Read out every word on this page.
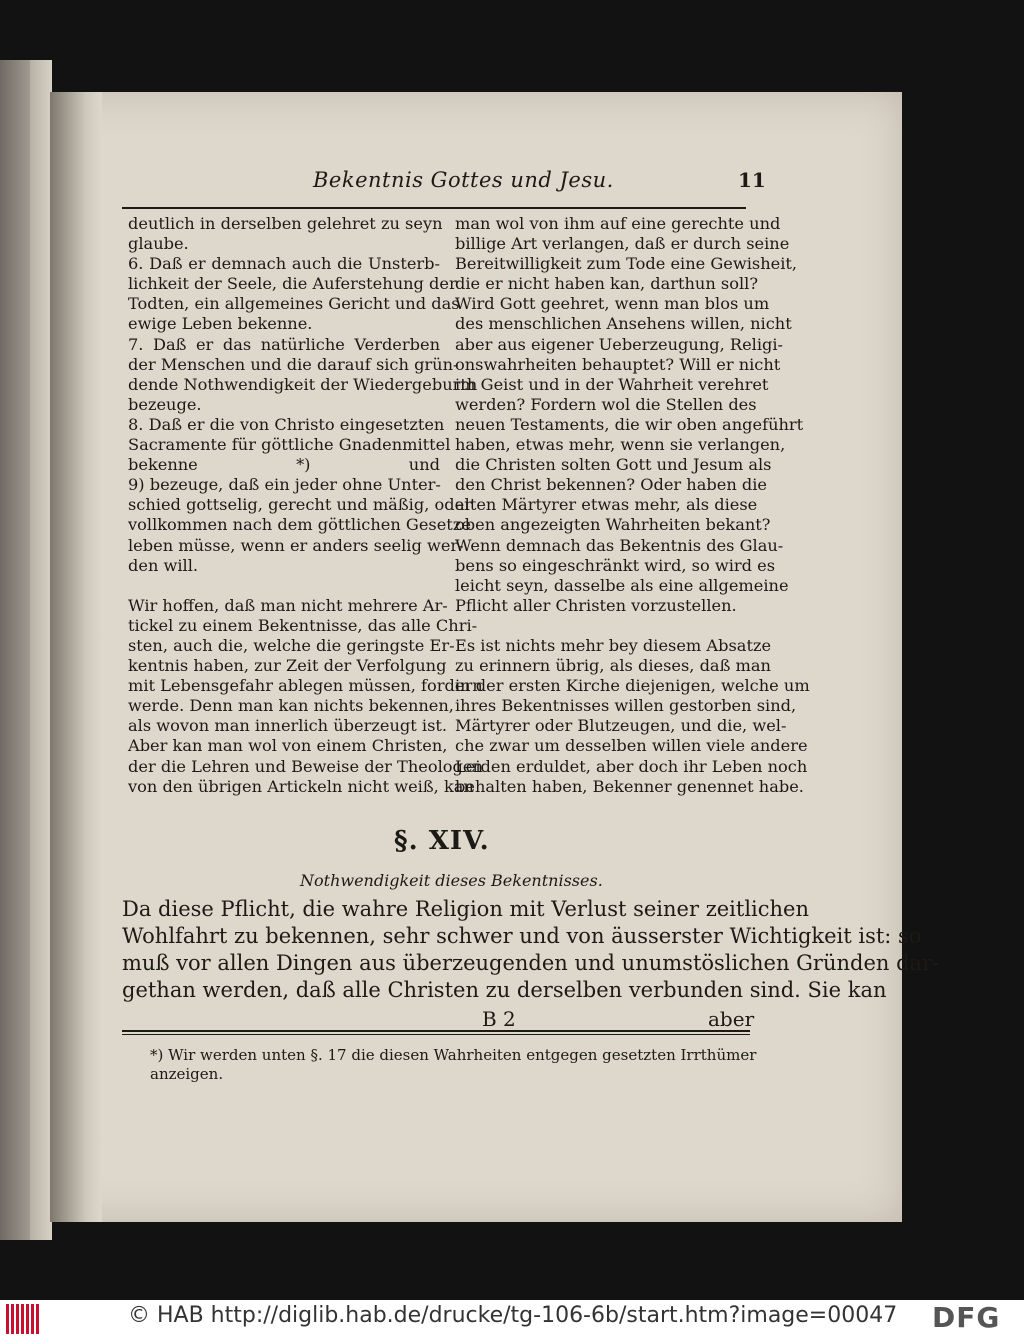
Bekentnis Gottes und Jesu.	11
deutlich in derselben gelehret zu seyn
glaube.
6. Daß er demnach auch die Unsterb-
lichkeit der Seele, die Auferstehung der
Todten, ein allgemeines Gericht und das
ewige Leben bekenne.
7. Daß er das natürliche Verderben
der Menschen und die darauf sich grün-
dende Nothwendigkeit der Wiedergeburth
bezeuge.
8. Daß er die von Christo eingesetzten
Sacramente für göttliche Gnadenmittel
bekenne *) und
9) bezeuge, daß ein jeder ohne Unter-
schied gottselig, gerecht und mäßig, oder
vollkommen nach dem göttlichen Gesetze
leben müsse, wenn er anders seelig wer-
den will.
Wir hoffen, daß man nicht mehrere Ar-
tickel zu einem Bekentnisse, das alle Chri-
sten, auch die, welche die geringste Er-
kentnis haben, zur Zeit der Verfolgung
mit Lebensgefahr ablegen müssen, fordern
werde. Denn man kan nichts bekennen,
als wovon man innerlich überzeugt ist.
Aber kan man wol von einem Christen,
der die Lehren und Beweise der Theologen
von den übrigen Artickeln nicht weiß, kan
man wol von ihm auf eine gerechte und
billige Art verlangen, daß er durch seine
Bereitwilligkeit zum Tode eine Gewisheit,
die er nicht haben kan, darthun soll?
Wird Gott geehret, wenn man blos um
des menschlichen Ansehens willen, nicht
aber aus eigener Ueberzeugung, Religi-
onswahrheiten behauptet? Will er nicht
im Geist und in der Wahrheit verehret
werden? Fordern wol die Stellen des
neuen Testaments, die wir oben angeführt
haben, etwas mehr, wenn sie verlangen,
die Christen solten Gott und Jesum als
den Christ bekennen? Oder haben die
alten Märtyrer etwas mehr, als diese
oben angezeigten Wahrheiten bekant?
Wenn demnach das Bekentnis des Glau-
bens so eingeschränkt wird, so wird es
leicht seyn, dasselbe als eine allgemeine
Pflicht aller Christen vorzustellen.
Es ist nichts mehr bey diesem Absatze
zu erinnern übrig, als dieses, daß man
in der ersten Kirche diejenigen, welche um
ihres Bekentnisses willen gestorben sind,
Märtyrer oder Blutzeugen, und die, wel-
che zwar um desselben willen viele andere
Leiden erduldet, aber doch ihr Leben noch
behalten haben, Bekenner genennet habe.
§. XIV.
Nothwendigkeit dieses Bekentnisses.
Da diese Pflicht, die wahre Religion mit Verlust seiner zeitlichen
Wohlfahrt zu bekennen, sehr schwer und von äusserster Wichtigkeit ist: so
muß vor allen Dingen aus überzeugenden und unumstöslichen Gründen dar-
gethan werden, daß alle Christen zu derselben verbunden sind. Sie kan
B 2	aber
*) Wir werden unten §. 17 die diesen Wahrheiten entgegen gesetzten Irrthümer
anzeigen.
© HAB http://diglib.hab.de/drucke/tg-106-6b/start.htm?image=00047 DFG
